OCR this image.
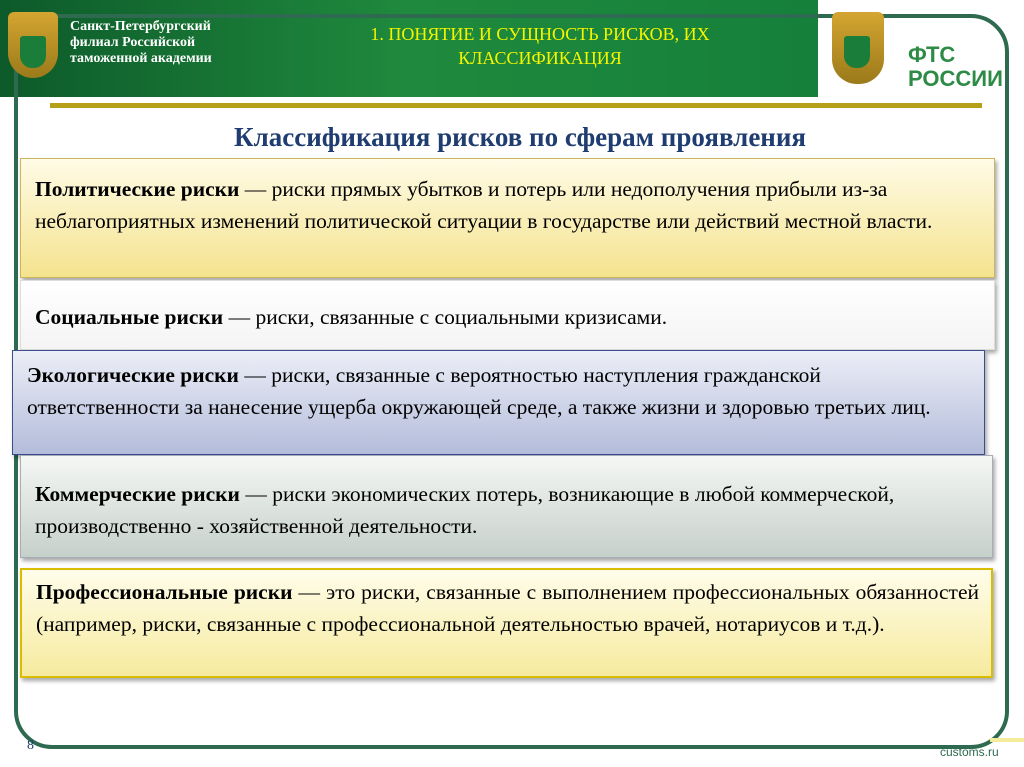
Санкт-Петербургский филиал Российской таможенной академии
1. ПОНЯТИЕ И СУЩНОСТЬ РИСКОВ, ИХ
КЛАССИФИКАЦИЯ	ФТС
РОССИИ
Классификация рисков по сферам проявления
Политические риски — риски прямых убытков и потерь или недополучения прибыли из-за неблагоприятных изменений политической ситуации в государстве или действий местной власти.
Социальные риски — риски, связанные с социальными кризисами.
Экологические риски — риски, связанные с вероятностью наступления гражданской ответственности за нанесение ущерба окружающей среде, а также жизни и здоровью третьих лиц.
Коммерческие риски — риски экономических потерь, возникающие в любой коммерческой, производственно - хозяйственной деятельности.
Профессиональные риски — это риски, связанные с выполнением профессиональных обязанностей (например, риски, связанные с профессиональной деятельностью врачей, нотариусов и т.д.).
8	customs.ru
